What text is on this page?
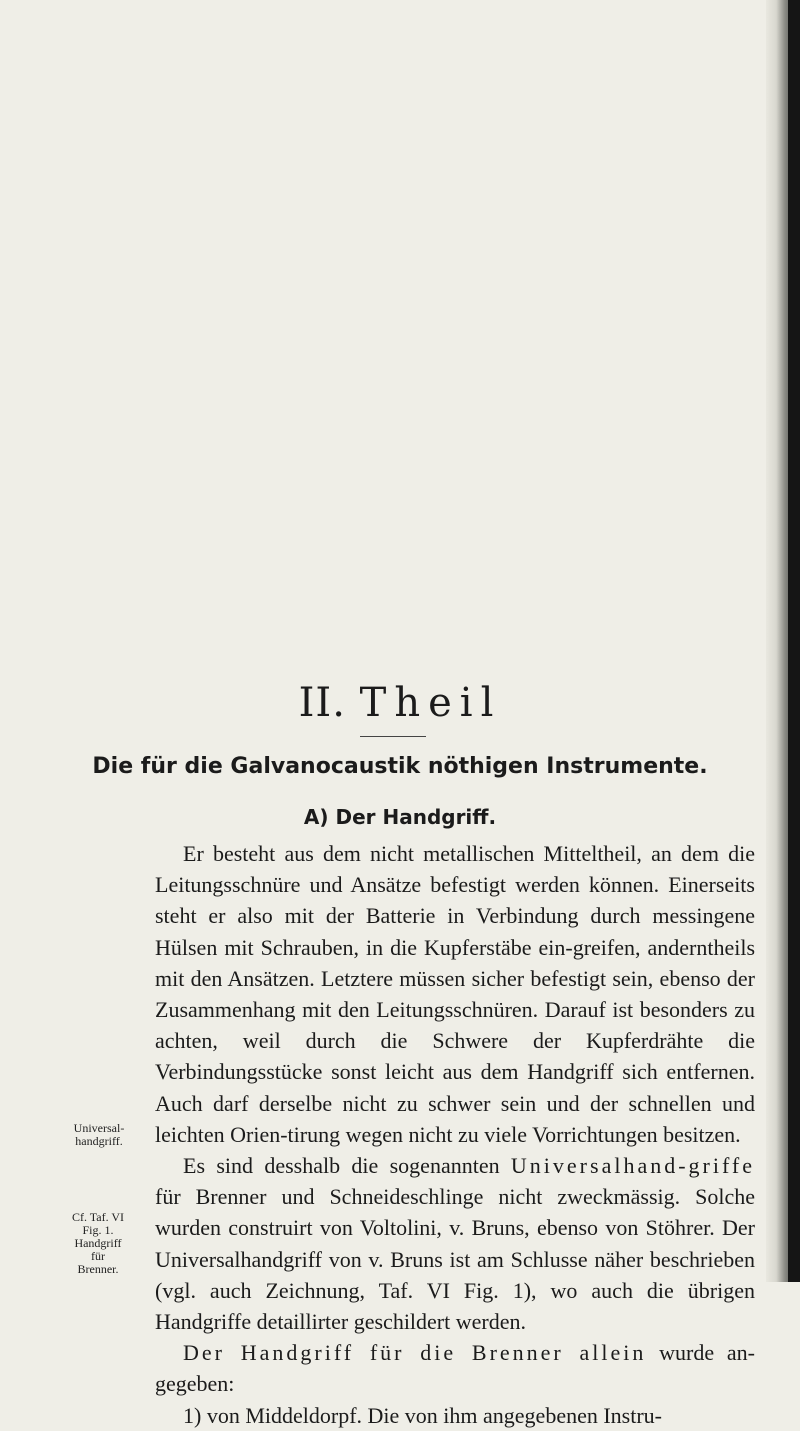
II. Theil
Die für die Galvanocaustik nöthigen Instrumente.
A) Der Handgriff.

Er besteht aus dem nicht metallischen Mitteltheil, an dem die Leitungsschnüre und Ansätze befestigt werden können. Einerseits steht er also mit der Batterie in Verbindung durch messingene Hülsen mit Schrauben, in die Kupferstäbe ein-greifen, anderntheils mit den Ansätzen. Letztere müssen sicher befestigt sein, ebenso der Zusammenhang mit den Leitungsschnüren. Darauf ist besonders zu achten, weil durch die Schwere der Kupferdrähte die Verbindungsstücke sonst leicht aus dem Handgriff sich entfernen. Auch darf derselbe nicht zu schwer sein und der schnellen und leichten Orien-tirung wegen nicht zu viele Vorrichtungen besitzen.

Es sind desshalb die sogenannten Universalhand-griffe für Brenner und Schneideschlinge nicht zweckmässig. Solche wurden construirt von Voltolini, v. Bruns, ebenso von Stöhrer. Der Universalhandgriff von v. Bruns ist am Schlusse näher beschrieben (vgl. auch Zeichnung, Taf. VI Fig. 1), wo auch die übrigen Handgriffe detaillirter geschildert werden.

Der Handgriff für die Brenner allein wurde an-gegeben:

1) von Middeldorpf. Die von ihm angegebenen Instru-

Universal-
handgriff.
Cf. Taf. VI
Fig. 1.
Handgriff
für
Brenner.
